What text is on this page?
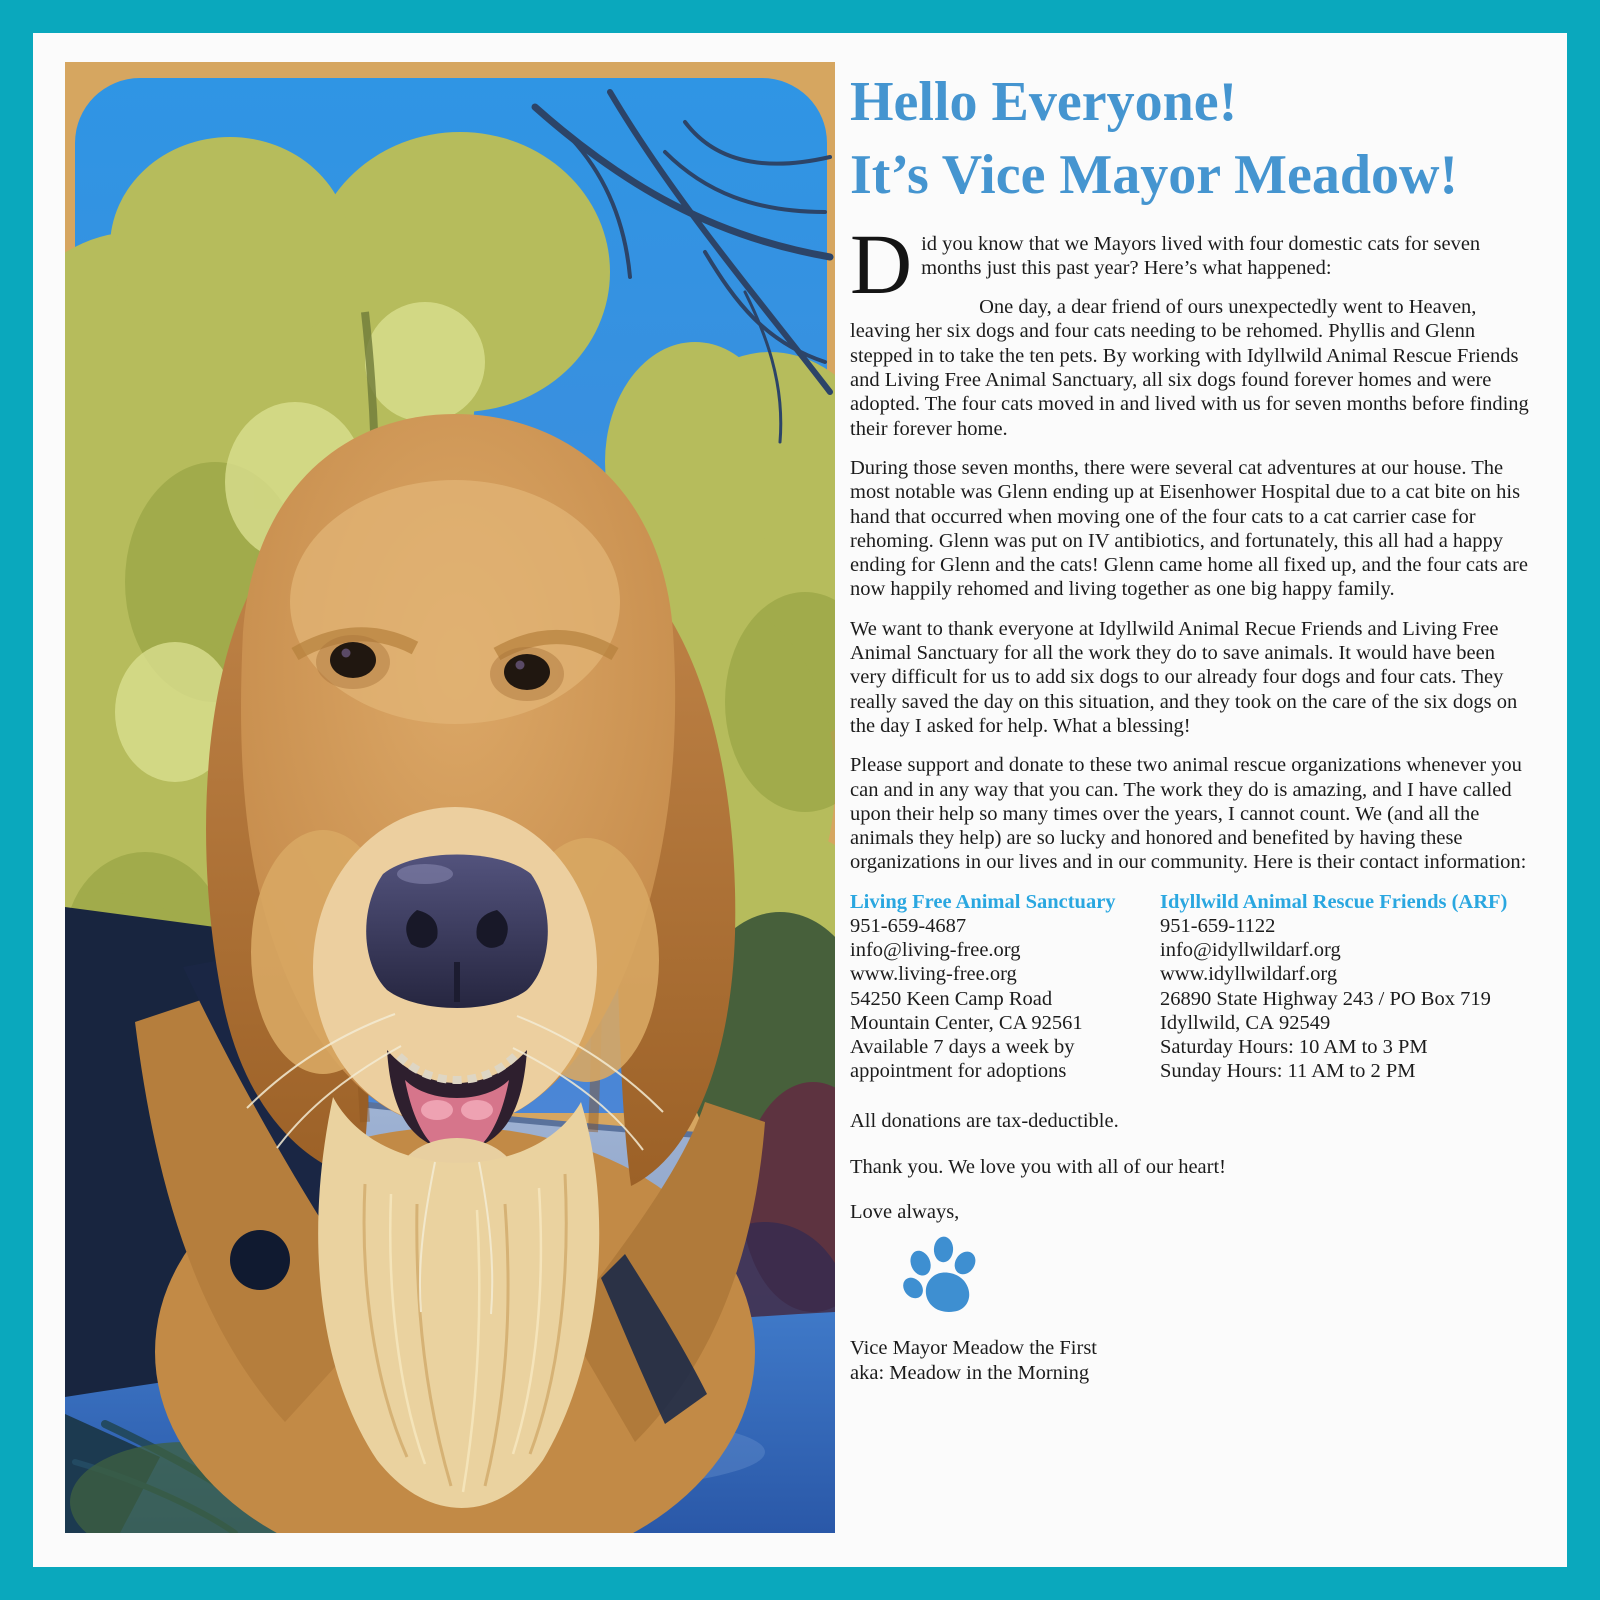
Hello Everyone!
It’s Vice Mayor Meadow!

Did you know that we Mayors lived with four domestic cats for seven months just this past year? Here’s what happened:

One day, a dear friend of ours unexpectedly went to Heaven, leaving her six dogs and four cats needing to be rehomed. Phyllis and Glenn stepped in to take the ten pets. By working with Idyllwild Animal Rescue Friends and Living Free Animal Sanctuary, all six dogs found forever homes and were adopted. The four cats moved in and lived with us for seven months before finding their forever home.

During those seven months, there were several cat adventures at our house. The most notable was Glenn ending up at Eisenhower Hospital due to a cat bite on his hand that occurred when moving one of the four cats to a cat carrier case for rehoming. Glenn was put on IV antibiotics, and fortunately, this all had a happy ending for Glenn and the cats! Glenn came home all fixed up, and the four cats are now happily rehomed and living together as one big happy family.

We want to thank everyone at Idyllwild Animal Recue Friends and Living Free Animal Sanctuary for all the work they do to save animals. It would have been very difficult for us to add six dogs to our already four dogs and four cats. They really saved the day on this situation, and they took on the care of the six dogs on the day I asked for help. What a blessing!

Please support and donate to these two animal rescue organizations whenever you can and in any way that you can. The work they do is amazing, and I have called upon their help so many times over the years, I cannot count. We (and all the animals they help) are so lucky and honored and benefited by having these organizations in our lives and in our community. Here is their contact information:

Living Free Animal Sanctuary
951-659-4687
info@living-free.org
www.living-free.org
54250 Keen Camp Road
Mountain Center, CA 92561
Available 7 days a week by
appointment for adoptions
Idyllwild Animal Rescue Friends (ARF)
951-659-1122
info@idyllwildarf.org
www.idyllwildarf.org
26890 State Highway 243 / PO Box 719
Idyllwild, CA 92549
Saturday Hours: 10 AM to 3 PM
Sunday Hours: 11 AM to 2 PM
All donations are tax-deductible.
Thank you. We love you with all of our heart!
Love always,
Vice Mayor Meadow the First
aka: Meadow in the Morning
